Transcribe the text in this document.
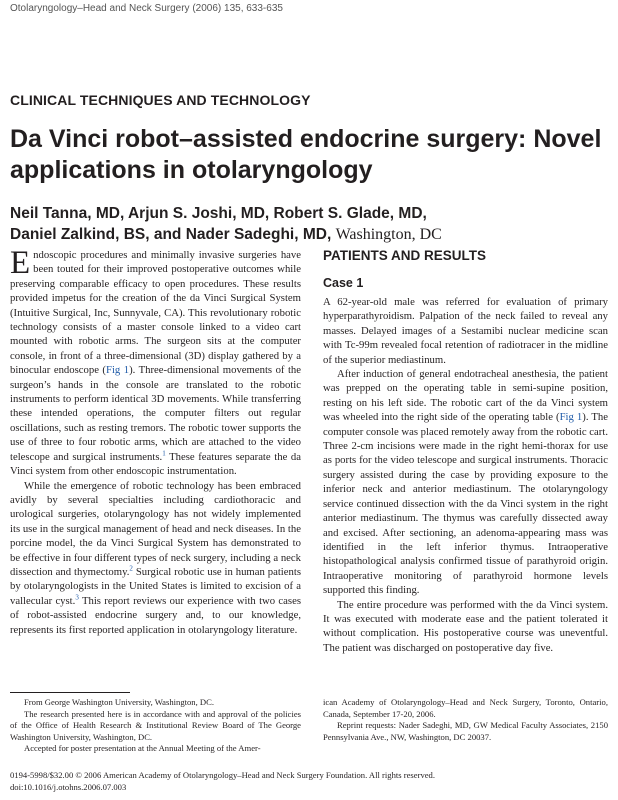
Otolaryngology–Head and Neck Surgery (2006) 135, 633-635
CLINICAL TECHNIQUES AND TECHNOLOGY
Da Vinci robot–assisted endocrine surgery: Novel applications in otolaryngology
Neil Tanna, MD, Arjun S. Joshi, MD, Robert S. Glade, MD,
Daniel Zalkind, BS, and Nader Sadeghi, MD, Washington, DC

Endoscopic procedures and minimally invasive surgeries have been touted for their improved postoperative outcomes while preserving comparable efficacy to open procedures. These results provided impetus for the creation of the da Vinci Surgical System (Intuitive Surgical, Inc, Sunnyvale, CA). This revolutionary robotic technology consists of a master console linked to a video cart mounted with robotic arms. The surgeon sits at the computer console, in front of a three-dimensional (3D) display gathered by a binocular endoscope (Fig 1). Three-dimensional movements of the surgeon’s hands in the console are translated to the robotic instruments to perform identical 3D movements. While transferring these intended operations, the computer filters out regular oscillations, such as resting tremors. The robotic tower supports the use of three to four robotic arms, which are attached to the video telescope and surgical instruments.$^1$ These features separate the da Vinci system from other endoscopic instrumentation.

While the emergence of robotic technology has been embraced avidly by several specialties including cardiothoracic and urological surgeries, otolaryngology has not widely implemented its use in the surgical management of head and neck diseases. In the porcine model, the da Vinci Surgical System has demonstrated to be effective in four different types of neck surgery, including a neck dissection and thymectomy.$^2$ Surgical robotic use in human patients by otolaryngologists in the United States is limited to excision of a vallecular cyst.$^3$ This report reviews our experience with two cases of robot-assisted endocrine surgery and, to our knowledge, represents its first reported application in otolaryngology literature.

PATIENTS AND RESULTS
Case 1

A 62-year-old male was referred for evaluation of primary hyperparathyroidism. Palpation of the neck failed to reveal any masses. Delayed images of a Sestamibi nuclear medicine scan with Tc-99m revealed focal retention of radiotracer in the midline of the superior mediastinum.

After induction of general endotracheal anesthesia, the patient was prepped on the operating table in semi-supine position, resting on his left side. The robotic cart of the da Vinci system was wheeled into the right side of the operating table (Fig 1). The computer console was placed remotely away from the robotic cart. Three 2-cm incisions were made in the right hemi-thorax for use as ports for the video telescope and surgical instruments. Thoracic surgery assisted during the case by providing exposure to the inferior neck and anterior mediastinum. The otolaryngology service continued dissection with the da Vinci system in the right anterior mediastinum. The thymus was carefully dissected away and excised. After sectioning, an adenoma-appearing mass was identified in the left inferior thymus. Intraoperative histopathological analysis confirmed tissue of parathyroid origin. Intraoperative monitoring of parathyroid hormone levels supported this finding.

The entire procedure was performed with the da Vinci system. It was executed with moderate ease and the patient tolerated it without complication. His postoperative course was uneventful. The patient was discharged on postoperative day five.

From George Washington University, Washington, DC.

The research presented here is in accordance with and approval of the policies of the Office of Health Research & Institutional Review Board of The George Washington University, Washington, DC.

Accepted for poster presentation at the Annual Meeting of the Amer-

ican Academy of Otolaryngology–Head and Neck Surgery, Toronto, Ontario, Canada, September 17-20, 2006.

Reprint requests: Nader Sadeghi, MD, GW Medical Faculty Associates, 2150 Pennsylvania Ave., NW, Washington, DC 20037.

0194-5998/$32.00 © 2006 American Academy of Otolaryngology–Head and Neck Surgery Foundation. All rights reserved.
doi:10.1016/j.otohns.2006.07.003
